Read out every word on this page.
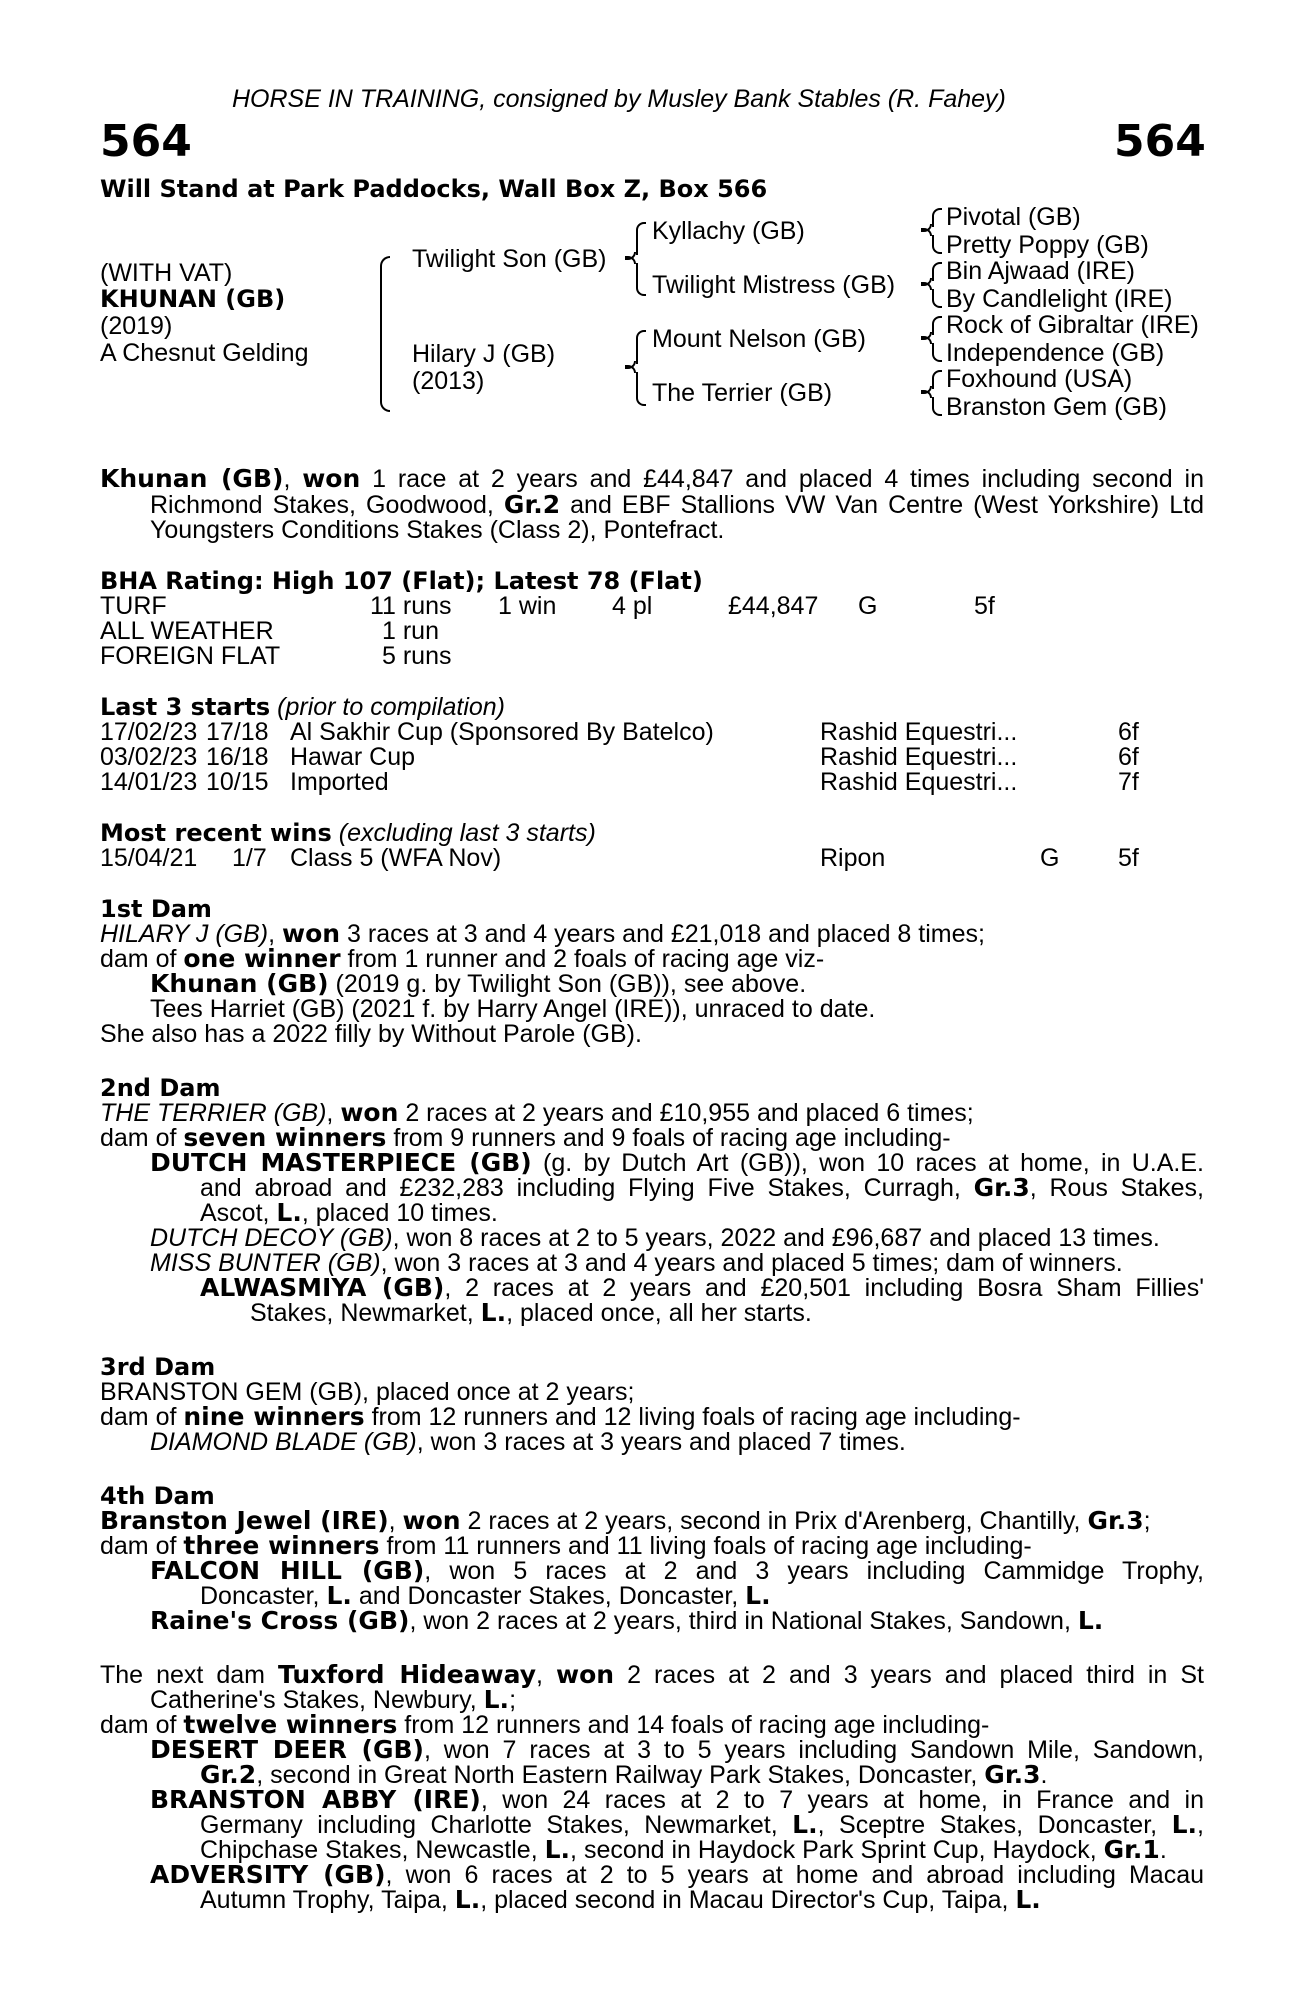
HORSE IN TRAINING, consigned by Musley Bank Stables (R. Fahey)
564	564
Will Stand at Park Paddocks, Wall Box Z, Box 566
(WITH VAT)
KHUNAN (GB)
(2019)
A Chesnut Gelding
Twilight Son (GB)
Hilary J (GB)
(2013)
Kyllachy (GB)
Twilight Mistress (GB)
Mount Nelson (GB)
The Terrier (GB)
Pivotal (GB)
Pretty Poppy (GB)
Bin Ajwaad (IRE)
By Candlelight (IRE)
Rock of Gibraltar (IRE)
Independence (GB)
Foxhound (USA)
Branston Gem (GB)
Khunan (GB), won 1 race at 2 years and £44,847 and placed 4 times including second in
Richmond Stakes, Goodwood, Gr.2 and EBF Stallions VW Van Centre (West Yorkshire) Ltd
Youngsters Conditions Stakes (Class 2), Pontefract.
BHA Rating: High 107 (Flat); Latest 78 (Flat)
TURF	11 runs 1 win 4 pl	£44,847 G	5f
ALL WEATHER	1 run
FOREIGN FLAT	5 runs
Last 3 starts (prior to compilation)
17/02/23 17/18 Al Sakhir Cup (Sponsored By Batelco)	Rashid Equestri...	6f
03/02/23 16/18 Hawar Cup	Rashid Equestri...	6f
14/01/23 10/15 Imported	Rashid Equestri...	7f
Most recent wins (excluding last 3 starts)
15/04/21 1/7 Class 5 (WFA Nov)	Ripon	G 5f
1st Dam
HILARY J (GB), won 3 races at 3 and 4 years and £21,018 and placed 8 times;
dam of one winner from 1 runner and 2 foals of racing age viz-
Khunan (GB) (2019 g. by Twilight Son (GB)), see above.
Tees Harriet (GB) (2021 f. by Harry Angel (IRE)), unraced to date.
She also has a 2022 filly by Without Parole (GB).
2nd Dam
THE TERRIER (GB), won 2 races at 2 years and £10,955 and placed 6 times;
dam of seven winners from 9 runners and 9 foals of racing age including-
DUTCH MASTERPIECE (GB) (g. by Dutch Art (GB)), won 10 races at home, in U.A.E.
and abroad and £232,283 including Flying Five Stakes, Curragh, Gr.3, Rous Stakes,
Ascot, L., placed 10 times.
DUTCH DECOY (GB), won 8 races at 2 to 5 years, 2022 and £96,687 and placed 13 times.
MISS BUNTER (GB), won 3 races at 3 and 4 years and placed 5 times; dam of winners.
ALWASMIYA (GB), 2 races at 2 years and £20,501 including Bosra Sham Fillies'
Stakes, Newmarket, L., placed once, all her starts.
3rd Dam
BRANSTON GEM (GB), placed once at 2 years;
dam of nine winners from 12 runners and 12 living foals of racing age including-
DIAMOND BLADE (GB), won 3 races at 3 years and placed 7 times.
4th Dam
Branston Jewel (IRE), won 2 races at 2 years, second in Prix d'Arenberg, Chantilly, Gr.3;
dam of three winners from 11 runners and 11 living foals of racing age including-
FALCON HILL (GB), won 5 races at 2 and 3 years including Cammidge Trophy,
Doncaster, L. and Doncaster Stakes, Doncaster, L.
Raine's Cross (GB), won 2 races at 2 years, third in National Stakes, Sandown, L.
The next dam Tuxford Hideaway, won 2 races at 2 and 3 years and placed third in St
Catherine's Stakes, Newbury, L.;
dam of twelve winners from 12 runners and 14 foals of racing age including-
DESERT DEER (GB), won 7 races at 3 to 5 years including Sandown Mile, Sandown,
Gr.2, second in Great North Eastern Railway Park Stakes, Doncaster, Gr.3.
BRANSTON ABBY (IRE), won 24 races at 2 to 7 years at home, in France and in
Germany including Charlotte Stakes, Newmarket, L., Sceptre Stakes, Doncaster, L.,
Chipchase Stakes, Newcastle, L., second in Haydock Park Sprint Cup, Haydock, Gr.1.
ADVERSITY (GB), won 6 races at 2 to 5 years at home and abroad including Macau
Autumn Trophy, Taipa, L., placed second in Macau Director's Cup, Taipa, L.
